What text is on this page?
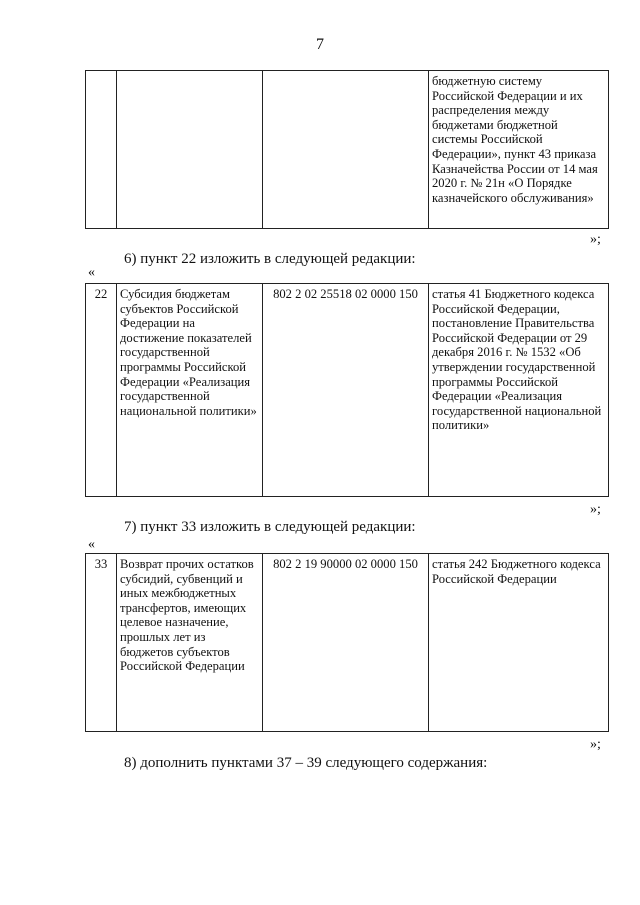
7
			бюджетную систему Российской Федерации и их распределения между бюджетами бюджетной системы Российской Федерации», пункт 43 приказа Казначейства России от 14 мая 2020 г. № 21н «О Порядке казначейского обслуживания»
»;
6) пункт 22 изложить в следующей редакции:
«
22	Субсидия бюджетам субъектов Российской Федерации на достижение показателей государственной программы Российской Федерации «Реализация государственной национальной политики»	802 2 02 25518 02 0000 150	статья 41 Бюджетного кодекса Российской Федерации, постановление Правительства Российской Федерации от 29 декабря 2016 г. № 1532 «Об утверждении государственной программы Российской Федерации «Реализация государственной национальной политики»
»;
7) пункт 33 изложить в следующей редакции:
«
33	Возврат прочих остатков субсидий, субвенций и иных межбюджетных трансфертов, имеющих целевое назначение, прошлых лет из бюджетов субъектов Российской Федерации	802 2 19 90000 02 0000 150	статья 242 Бюджетного кодекса Российской Федерации
»;
8) дополнить пунктами 37 – 39 следующего содержания:
